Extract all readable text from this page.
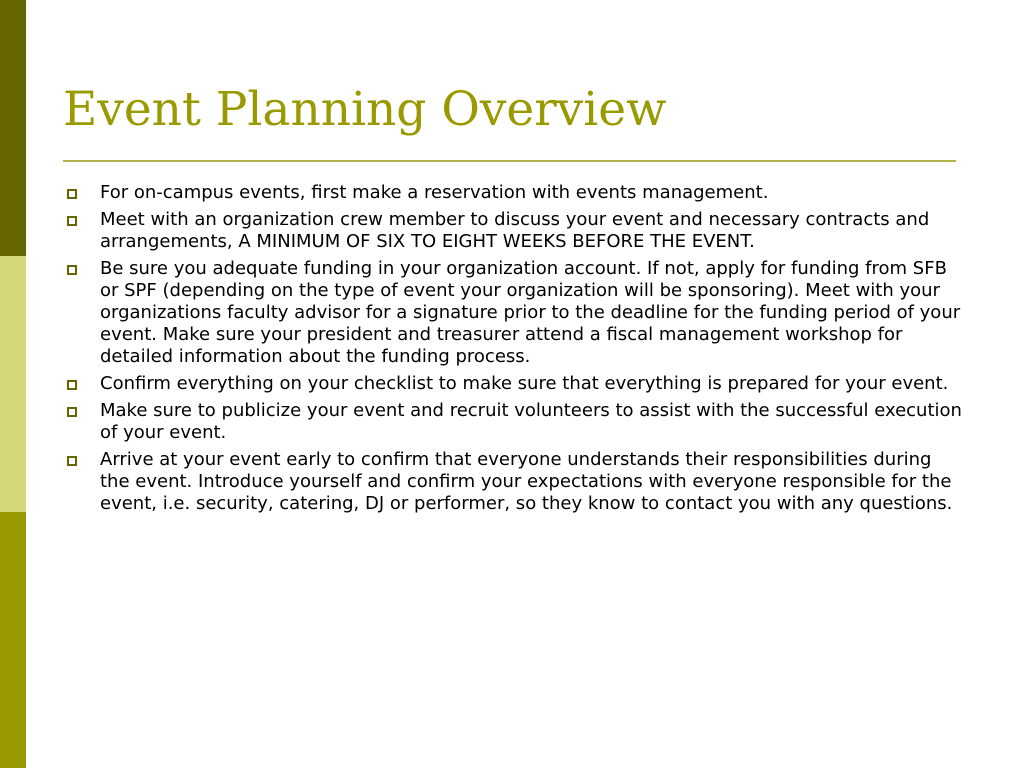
Event Planning Overview
For on-campus events, first make a reservation with events management.
Meet with an organization crew member to discuss your event and necessary contracts and arrangements, A MINIMUM OF SIX TO EIGHT WEEKS BEFORE THE EVENT.
Be sure you adequate funding in your organization account. If not, apply for funding from SFB or SPF (depending on the type of event your organization will be sponsoring). Meet with your organizations faculty advisor for a signature prior to the deadline for the funding period of your event. Make sure your president and treasurer attend a fiscal management workshop for detailed information about the funding process.
Confirm everything on your checklist to make sure that everything is prepared for your event.
Make sure to publicize your event and recruit volunteers to assist with the successful execution of your event.
Arrive at your event early to confirm that everyone understands their responsibilities during the event. Introduce yourself and confirm your expectations with everyone responsible for the event, i.e. security, catering, DJ or performer, so they know to contact you with any questions.
